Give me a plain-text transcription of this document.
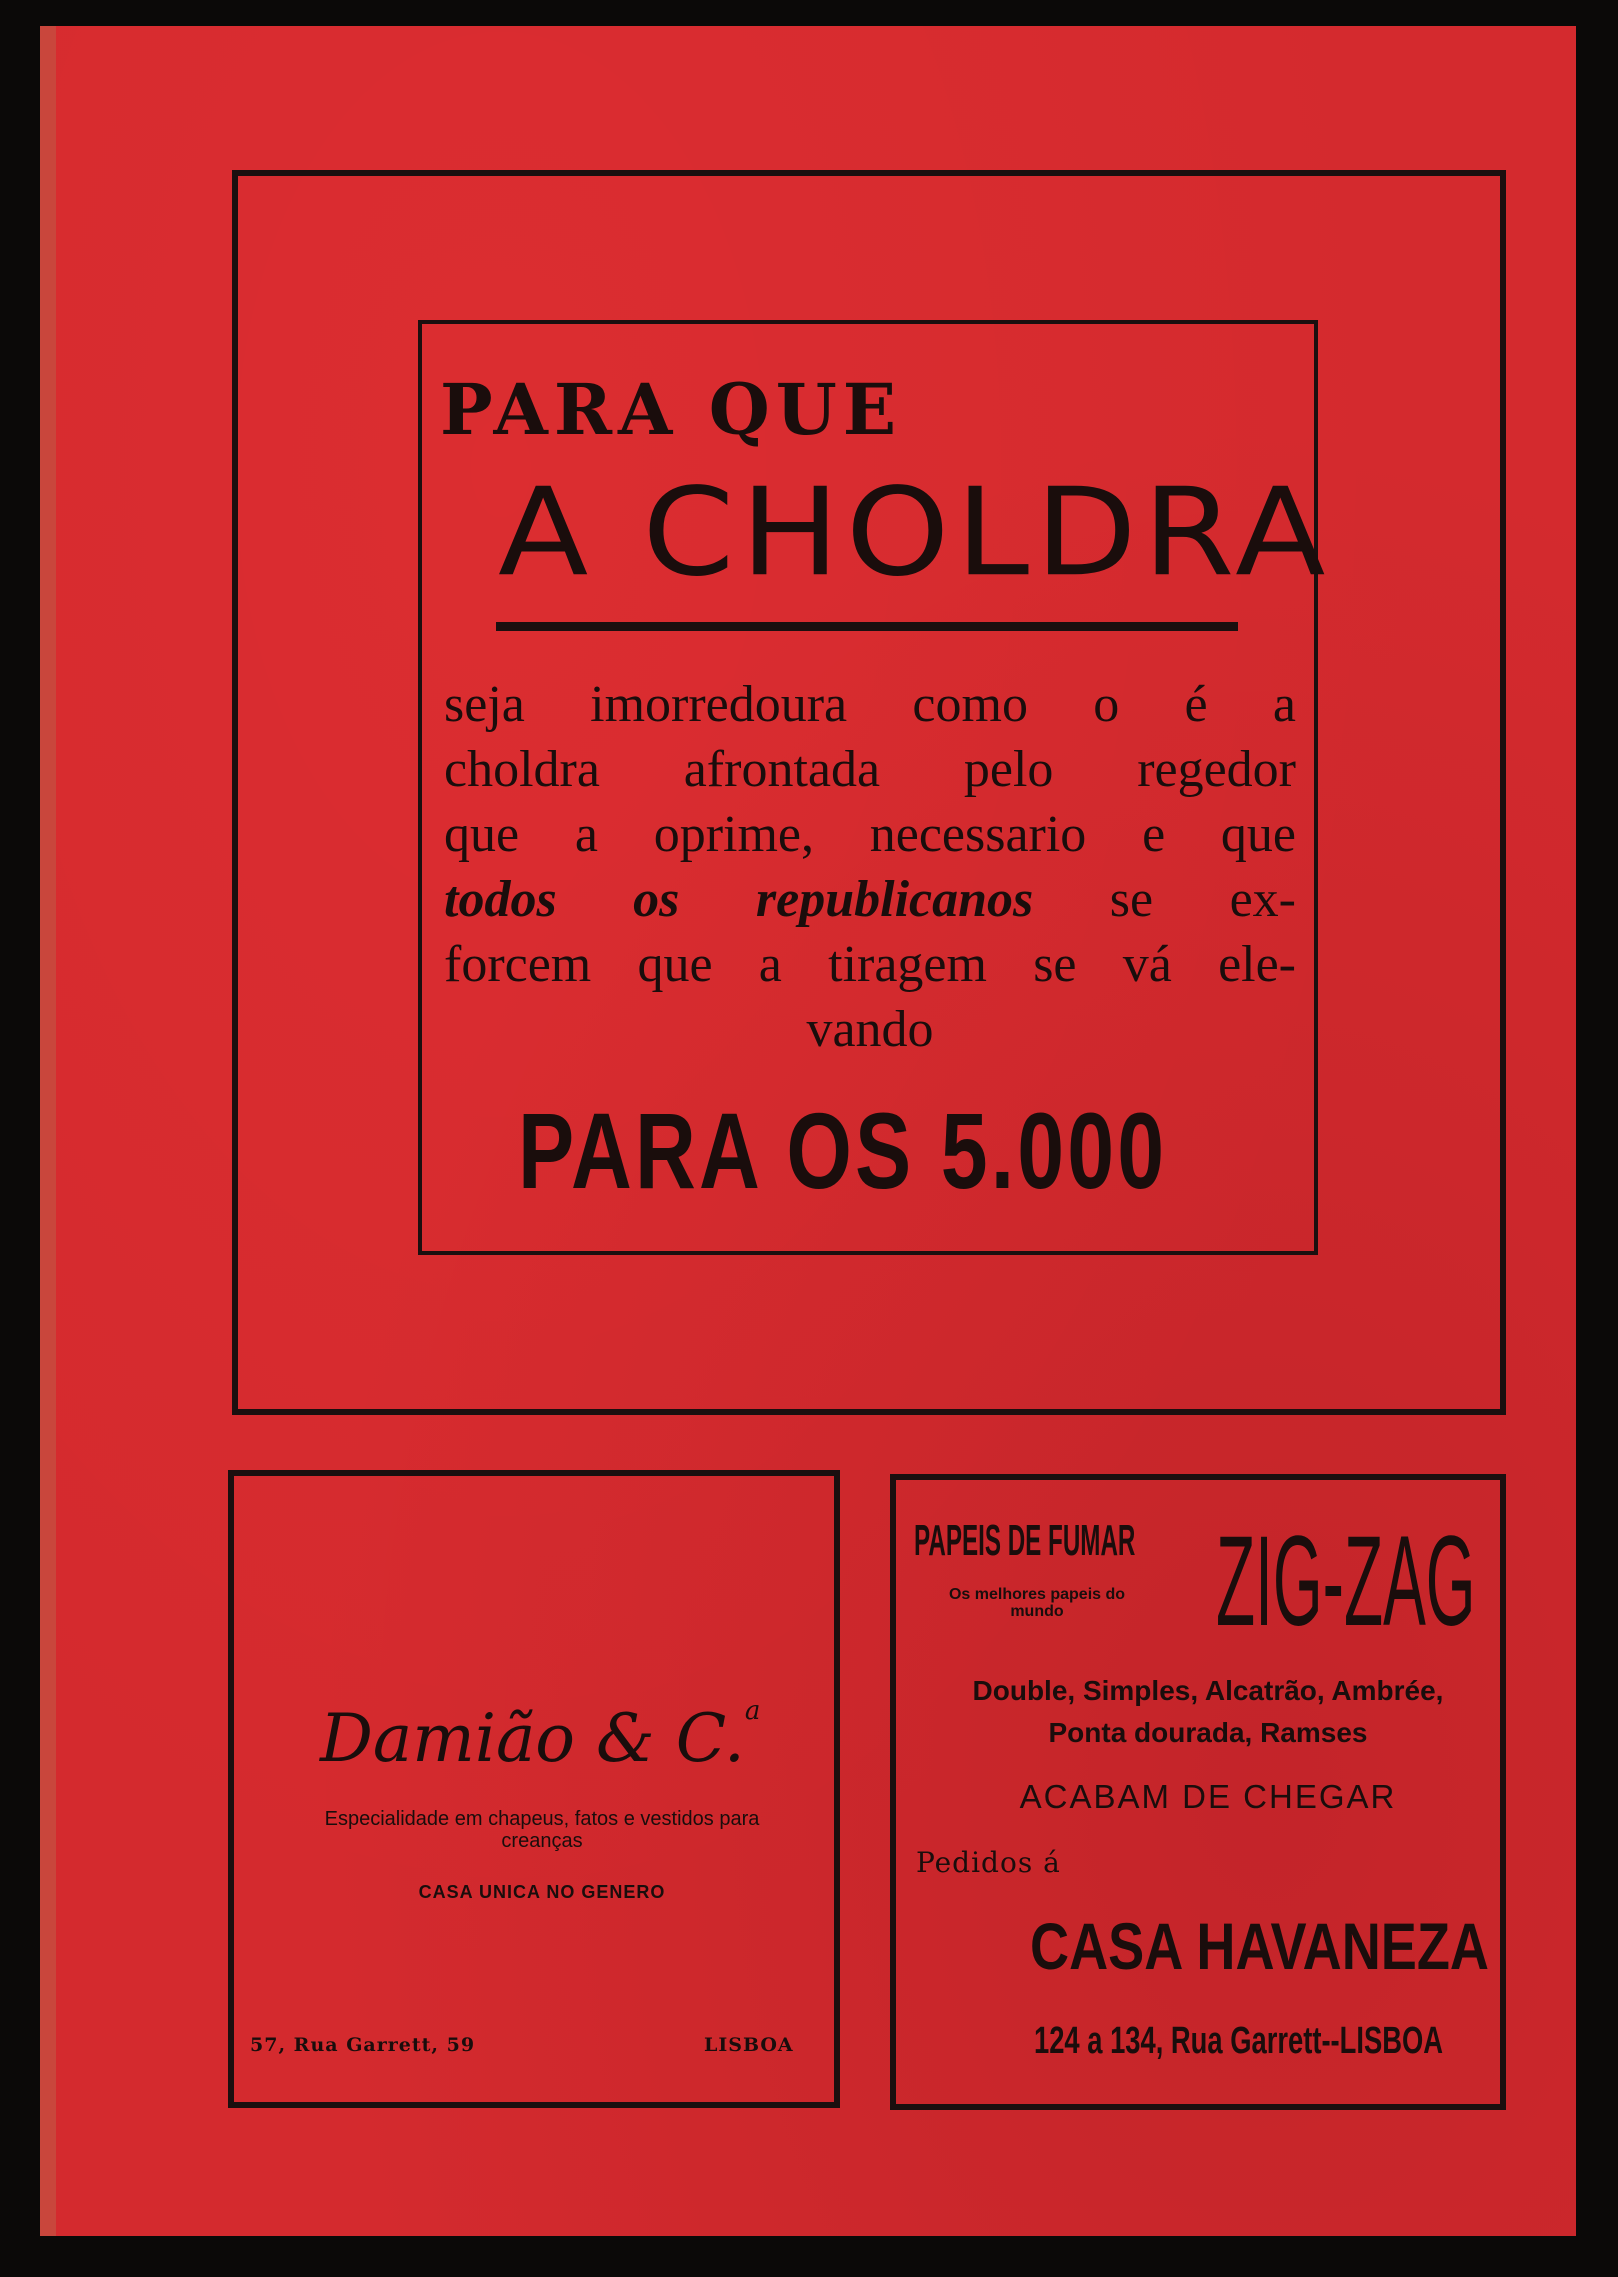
PARA QUE
A CHOLDRA
seja imorredoura como o é a
choldra afrontada pelo regedor
que a oprime, necessario e que
todos os republicanos se ex-
forcem que a tiragem se vá ele-
vando
PARA OS 5.000
Damião & C.$^a$
Especialidade em chapeus, fatos e vestidos para creanças
CASA UNICA NO GENERO
57, Rua Garrett, 59	LISBOA
PAPEIS DE FUMAR
Os melhores papeis do mundo	ZIG-ZAG
Double, Simples, Alcatrão, Ambrée,
Ponta dourada, Ramses
ACABAM DE CHEGAR
Pedidos á
CASA HAVANEZA
124 a 134, Rua Garrett--LISBOA
